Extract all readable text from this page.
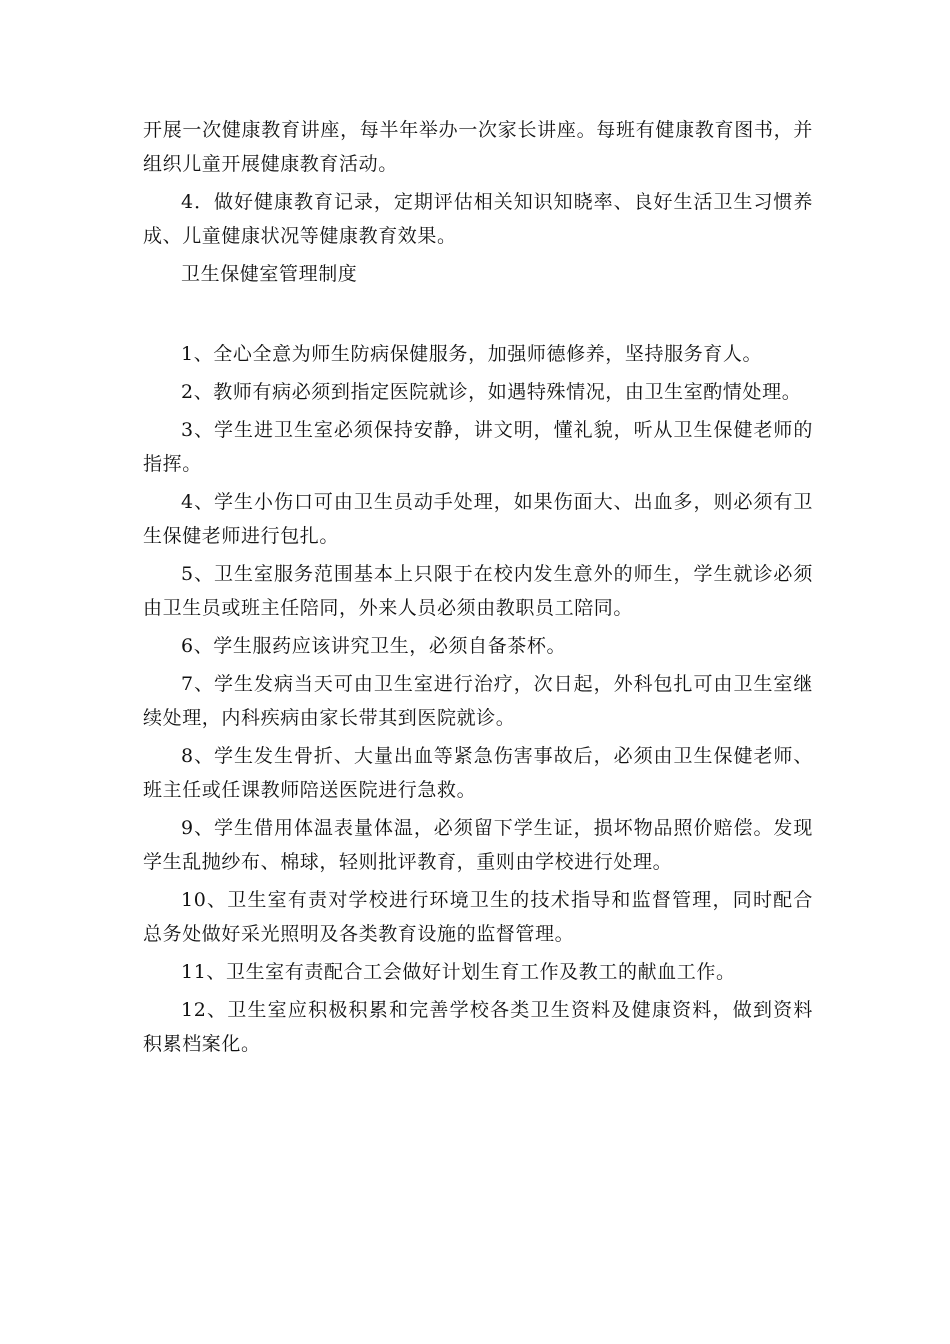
开展一次健康教育讲座，每半年举办一次家长讲座。每班有健康教育图书，并组织儿童开展健康教育活动。

4．做好健康教育记录，定期评估相关知识知晓率、良好生活卫生习惯养成、儿童健康状况等健康教育效果。

卫生保健室管理制度

1、全心全意为师生防病保健服务，加强师德修养，坚持服务育人。

2、教师有病必须到指定医院就诊，如遇特殊情况，由卫生室酌情处理。

3、学生进卫生室必须保持安静，讲文明，懂礼貌，听从卫生保健老师的指挥。

4、学生小伤口可由卫生员动手处理，如果伤面大、出血多，则必须有卫生保健老师进行包扎。

5、卫生室服务范围基本上只限于在校内发生意外的师生，学生就诊必须由卫生员或班主任陪同，外来人员必须由教职员工陪同。

6、学生服药应该讲究卫生，必须自备茶杯。

7、学生发病当天可由卫生室进行治疗，次日起，外科包扎可由卫生室继续处理，内科疾病由家长带其到医院就诊。

8、学生发生骨折、大量出血等紧急伤害事故后，必须由卫生保健老师、班主任或任课教师陪送医院进行急救。

9、学生借用体温表量体温，必须留下学生证，损坏物品照价赔偿。发现学生乱抛纱布、棉球，轻则批评教育，重则由学校进行处理。

10、卫生室有责对学校进行环境卫生的技术指导和监督管理，同时配合总务处做好采光照明及各类教育设施的监督管理。

11、卫生室有责配合工会做好计划生育工作及教工的献血工作。

12、卫生室应积极积累和完善学校各类卫生资料及健康资料，做到资料积累档案化。
